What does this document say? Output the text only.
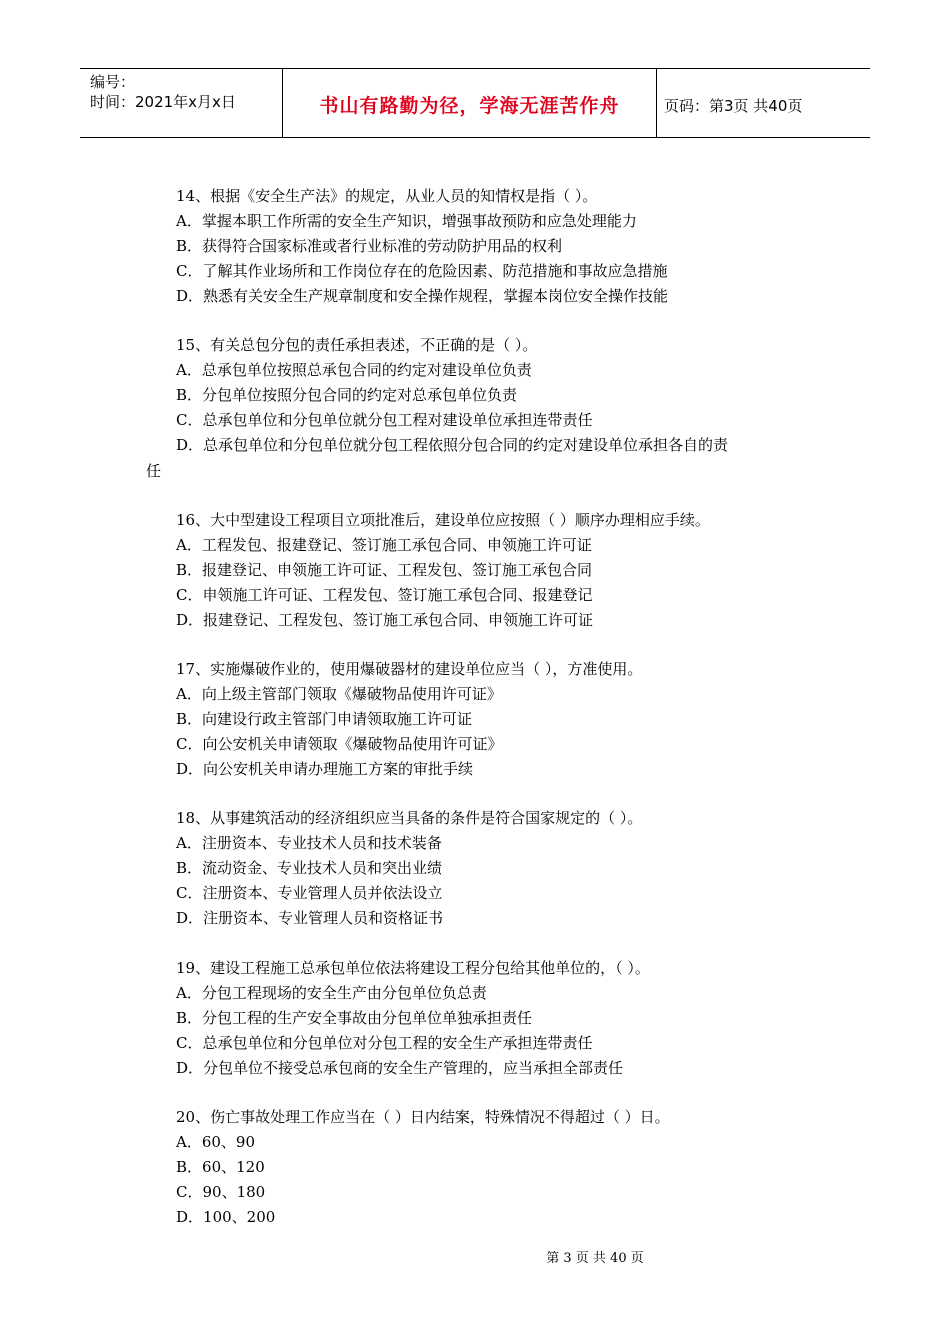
编号：
时间：2021年x月x日	书山有路勤为径，学海无涯苦作舟	页码：第3页 共40页
14、根据《安全生产法》的规定，从业人员的知情权是指（ ）。
A．掌握本职工作所需的安全生产知识，增强事故预防和应急处理能力
B．获得符合国家标准或者行业标准的劳动防护用品的权利
C．了解其作业场所和工作岗位存在的危险因素、防范措施和事故应急措施
D．熟悉有关安全生产规章制度和安全操作规程，掌握本岗位安全操作技能
15、有关总包分包的责任承担表述，不正确的是（ ）。
A．总承包单位按照总承包合同的约定对建设单位负责
B．分包单位按照分包合同的约定对总承包单位负责
C．总承包单位和分包单位就分包工程对建设单位承担连带责任
D．总承包单位和分包单位就分包工程依照分包合同的约定对建设单位承担各自的责
任
16、大中型建设工程项目立项批准后，建设单位应按照（ ）顺序办理相应手续。
A．工程发包、报建登记、签订施工承包合同、申领施工许可证
B．报建登记、申领施工许可证、工程发包、签订施工承包合同
C．申领施工许可证、工程发包、签订施工承包合同、报建登记
D．报建登记、工程发包、签订施工承包合同、申领施工许可证
17、实施爆破作业的，使用爆破器材的建设单位应当（ ），方准使用。
A．向上级主管部门领取《爆破物品使用许可证》
B．向建设行政主管部门申请领取施工许可证
C．向公安机关申请领取《爆破物品使用许可证》
D．向公安机关申请办理施工方案的审批手续
18、从事建筑活动的经济组织应当具备的条件是符合国家规定的（ ）。
A．注册资本、专业技术人员和技术装备
B．流动资金、专业技术人员和突出业绩
C．注册资本、专业管理人员并依法设立
D．注册资本、专业管理人员和资格证书
19、建设工程施工总承包单位依法将建设工程分包给其他单位的，（ ）。
A．分包工程现场的安全生产由分包单位负总责
B．分包工程的生产安全事故由分包单位单独承担责任
C．总承包单位和分包单位对分包工程的安全生产承担连带责任
D．分包单位不接受总承包商的安全生产管理的，应当承担全部责任
20、伤亡事故处理工作应当在（ ）日内结案，特殊情况不得超过（ ）日。
A．60、90
B．60、120
C．90、180
D．100、200
第 3 页 共 40 页
